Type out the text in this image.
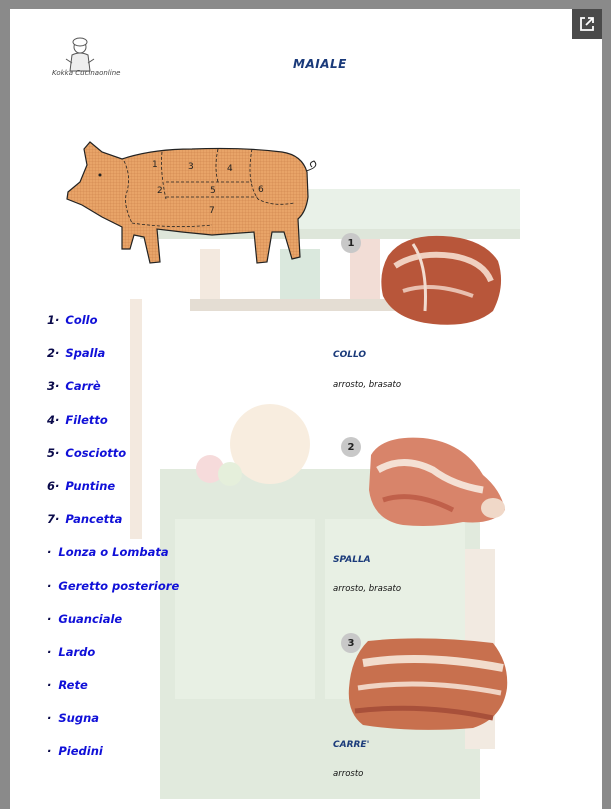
Kokka Cucinaonline
MAIALE
1
2
3	4
5	6
7
1· Collo
2· Spalla
3· Carrè
4· Filetto
5· Cosciotto
6· Puntine
7· Pancetta
· Lonza o Lombata
· Geretto posteriore
· Guanciale
· Lardo
· Rete
· Sugna
· Piedini
1
COLLO
arrosto, brasato
2
SPALLA
arrosto, brasato
3
CARRE'
arrosto
